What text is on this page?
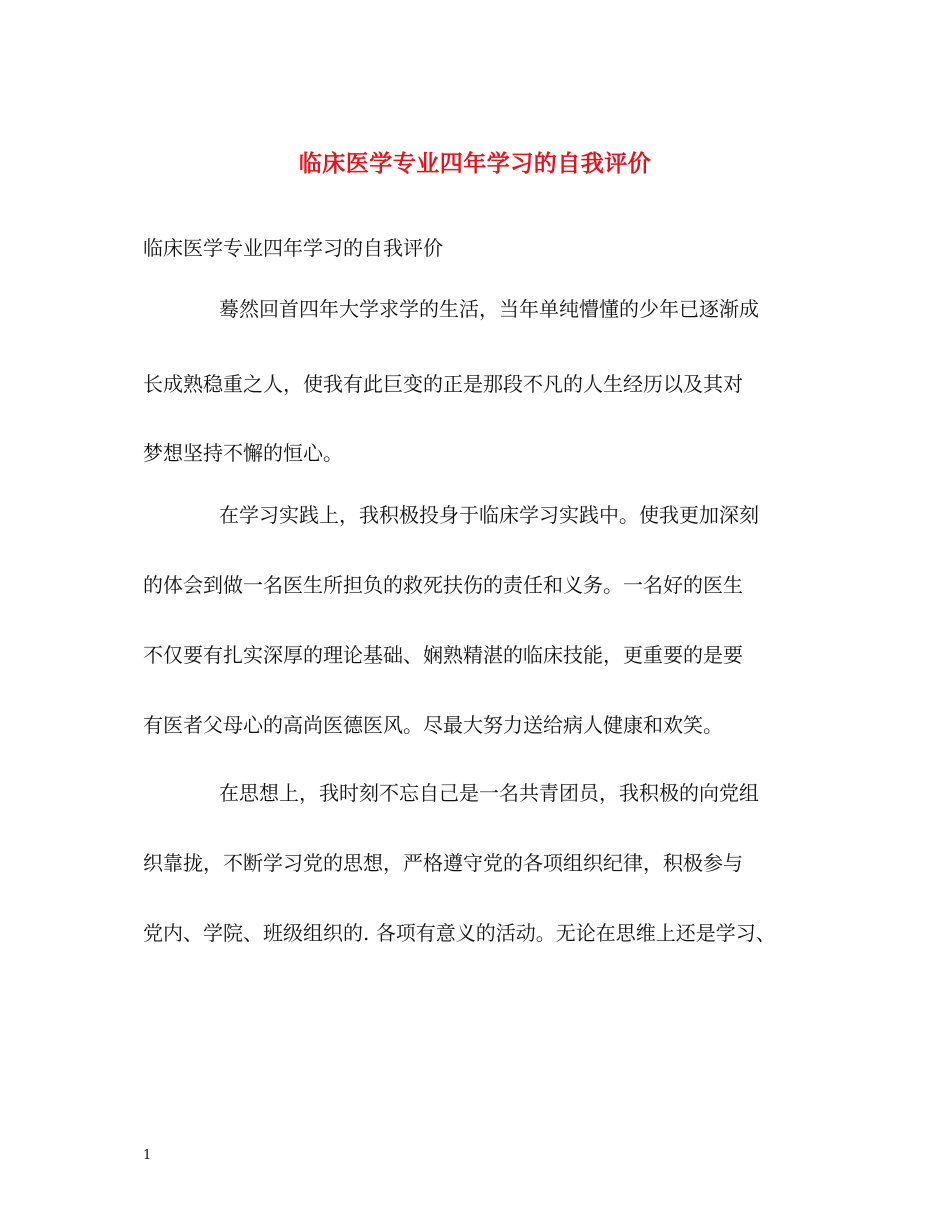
临床医学专业四年学习的自我评价
临床医学专业四年学习的自我评价
蓦然回首四年大学求学的生活，当年单纯懵懂的少年已逐渐成
长成熟稳重之人，使我有此巨变的正是那段不凡的人生经历以及其对
梦想坚持不懈的恒心。
在学习实践上，我积极投身于临床学习实践中。使我更加深刻
的体会到做一名医生所担负的救死扶伤的责任和义务。一名好的医生
不仅要有扎实深厚的理论基础、娴熟精湛的临床技能，更重要的是要
有医者父母心的高尚医德医风。尽最大努力送给病人健康和欢笑。
在思想上，我时刻不忘自己是一名共青团员，我积极的向党组
织靠拢，不断学习党的思想，严格遵守党的各项组织纪律，积极参与
党内、学院、班级组织的. 各项有意义的活动。无论在思维上还是学习、
1
